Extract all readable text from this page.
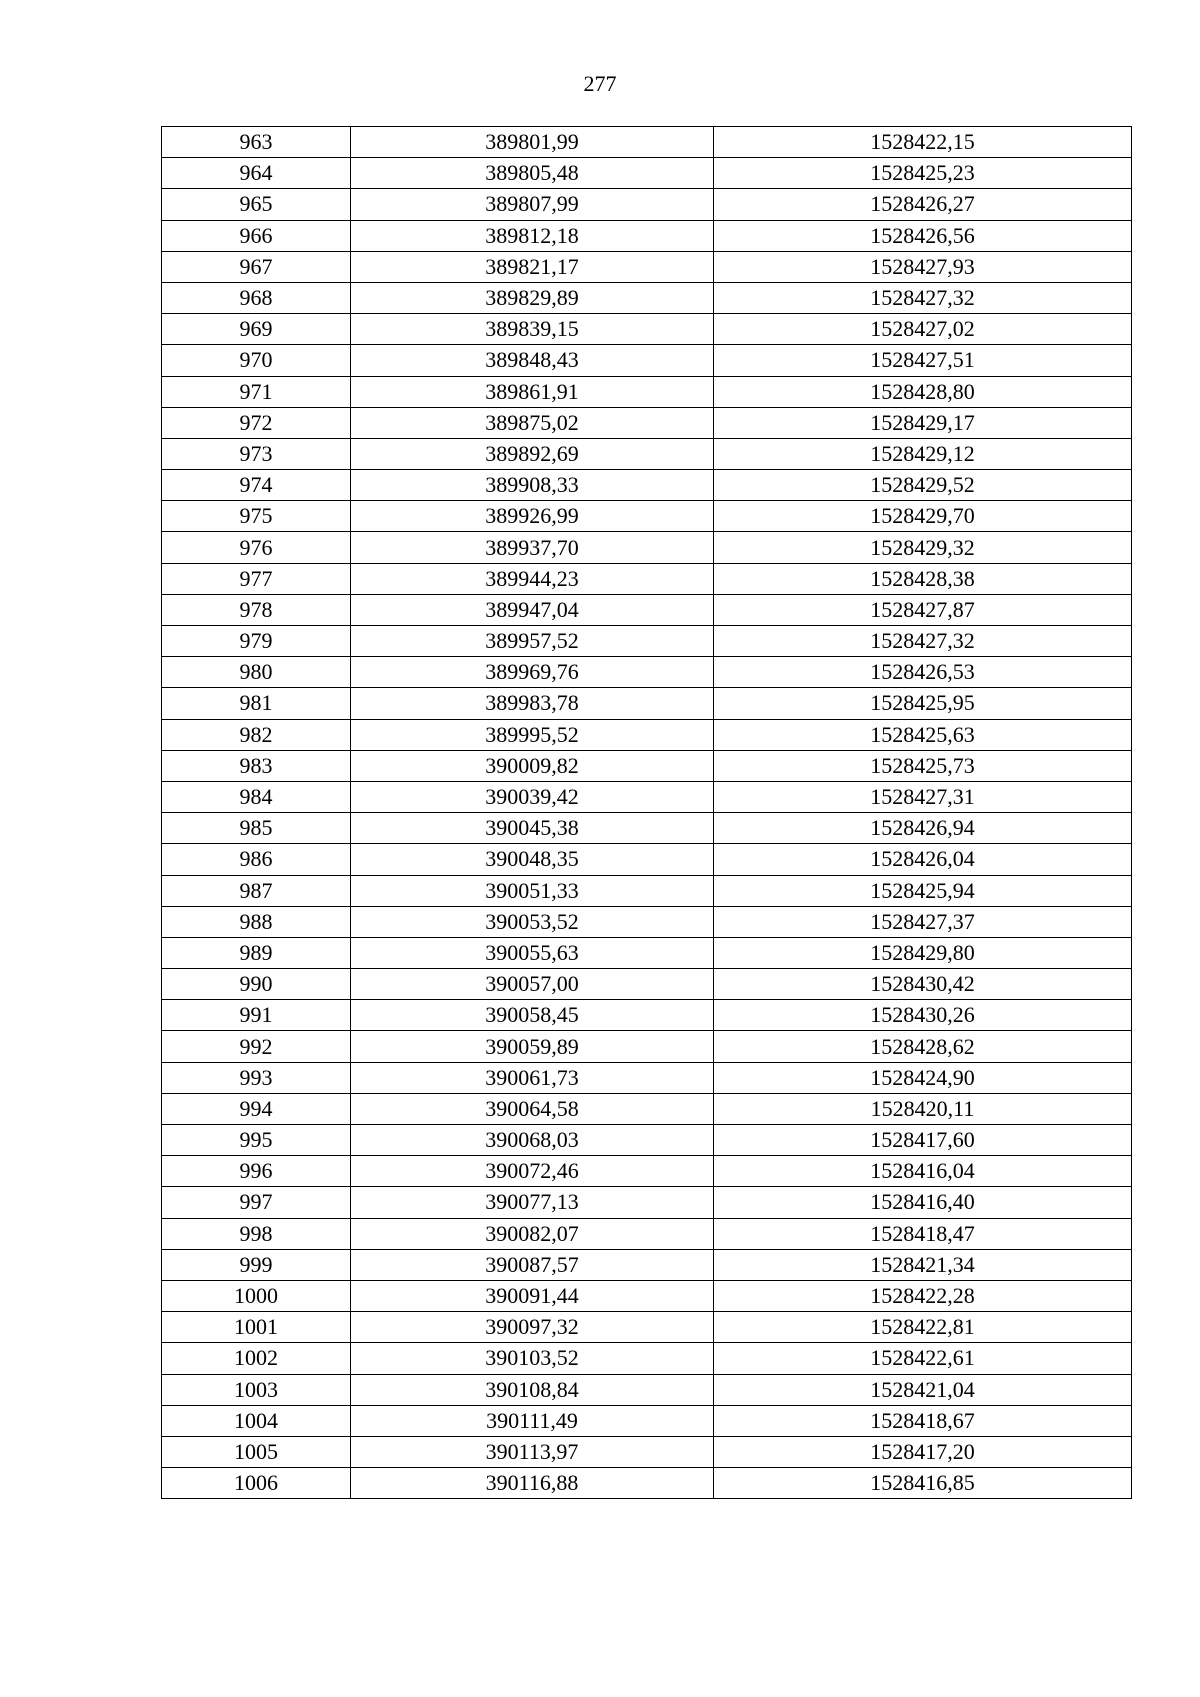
277
963	389801,99	1528422,15
964	389805,48	1528425,23
965	389807,99	1528426,27
966	389812,18	1528426,56
967	389821,17	1528427,93
968	389829,89	1528427,32
969	389839,15	1528427,02
970	389848,43	1528427,51
971	389861,91	1528428,80
972	389875,02	1528429,17
973	389892,69	1528429,12
974	389908,33	1528429,52
975	389926,99	1528429,70
976	389937,70	1528429,32
977	389944,23	1528428,38
978	389947,04	1528427,87
979	389957,52	1528427,32
980	389969,76	1528426,53
981	389983,78	1528425,95
982	389995,52	1528425,63
983	390009,82	1528425,73
984	390039,42	1528427,31
985	390045,38	1528426,94
986	390048,35	1528426,04
987	390051,33	1528425,94
988	390053,52	1528427,37
989	390055,63	1528429,80
990	390057,00	1528430,42
991	390058,45	1528430,26
992	390059,89	1528428,62
993	390061,73	1528424,90
994	390064,58	1528420,11
995	390068,03	1528417,60
996	390072,46	1528416,04
997	390077,13	1528416,40
998	390082,07	1528418,47
999	390087,57	1528421,34
1000	390091,44	1528422,28
1001	390097,32	1528422,81
1002	390103,52	1528422,61
1003	390108,84	1528421,04
1004	390111,49	1528418,67
1005	390113,97	1528417,20
1006	390116,88	1528416,85
